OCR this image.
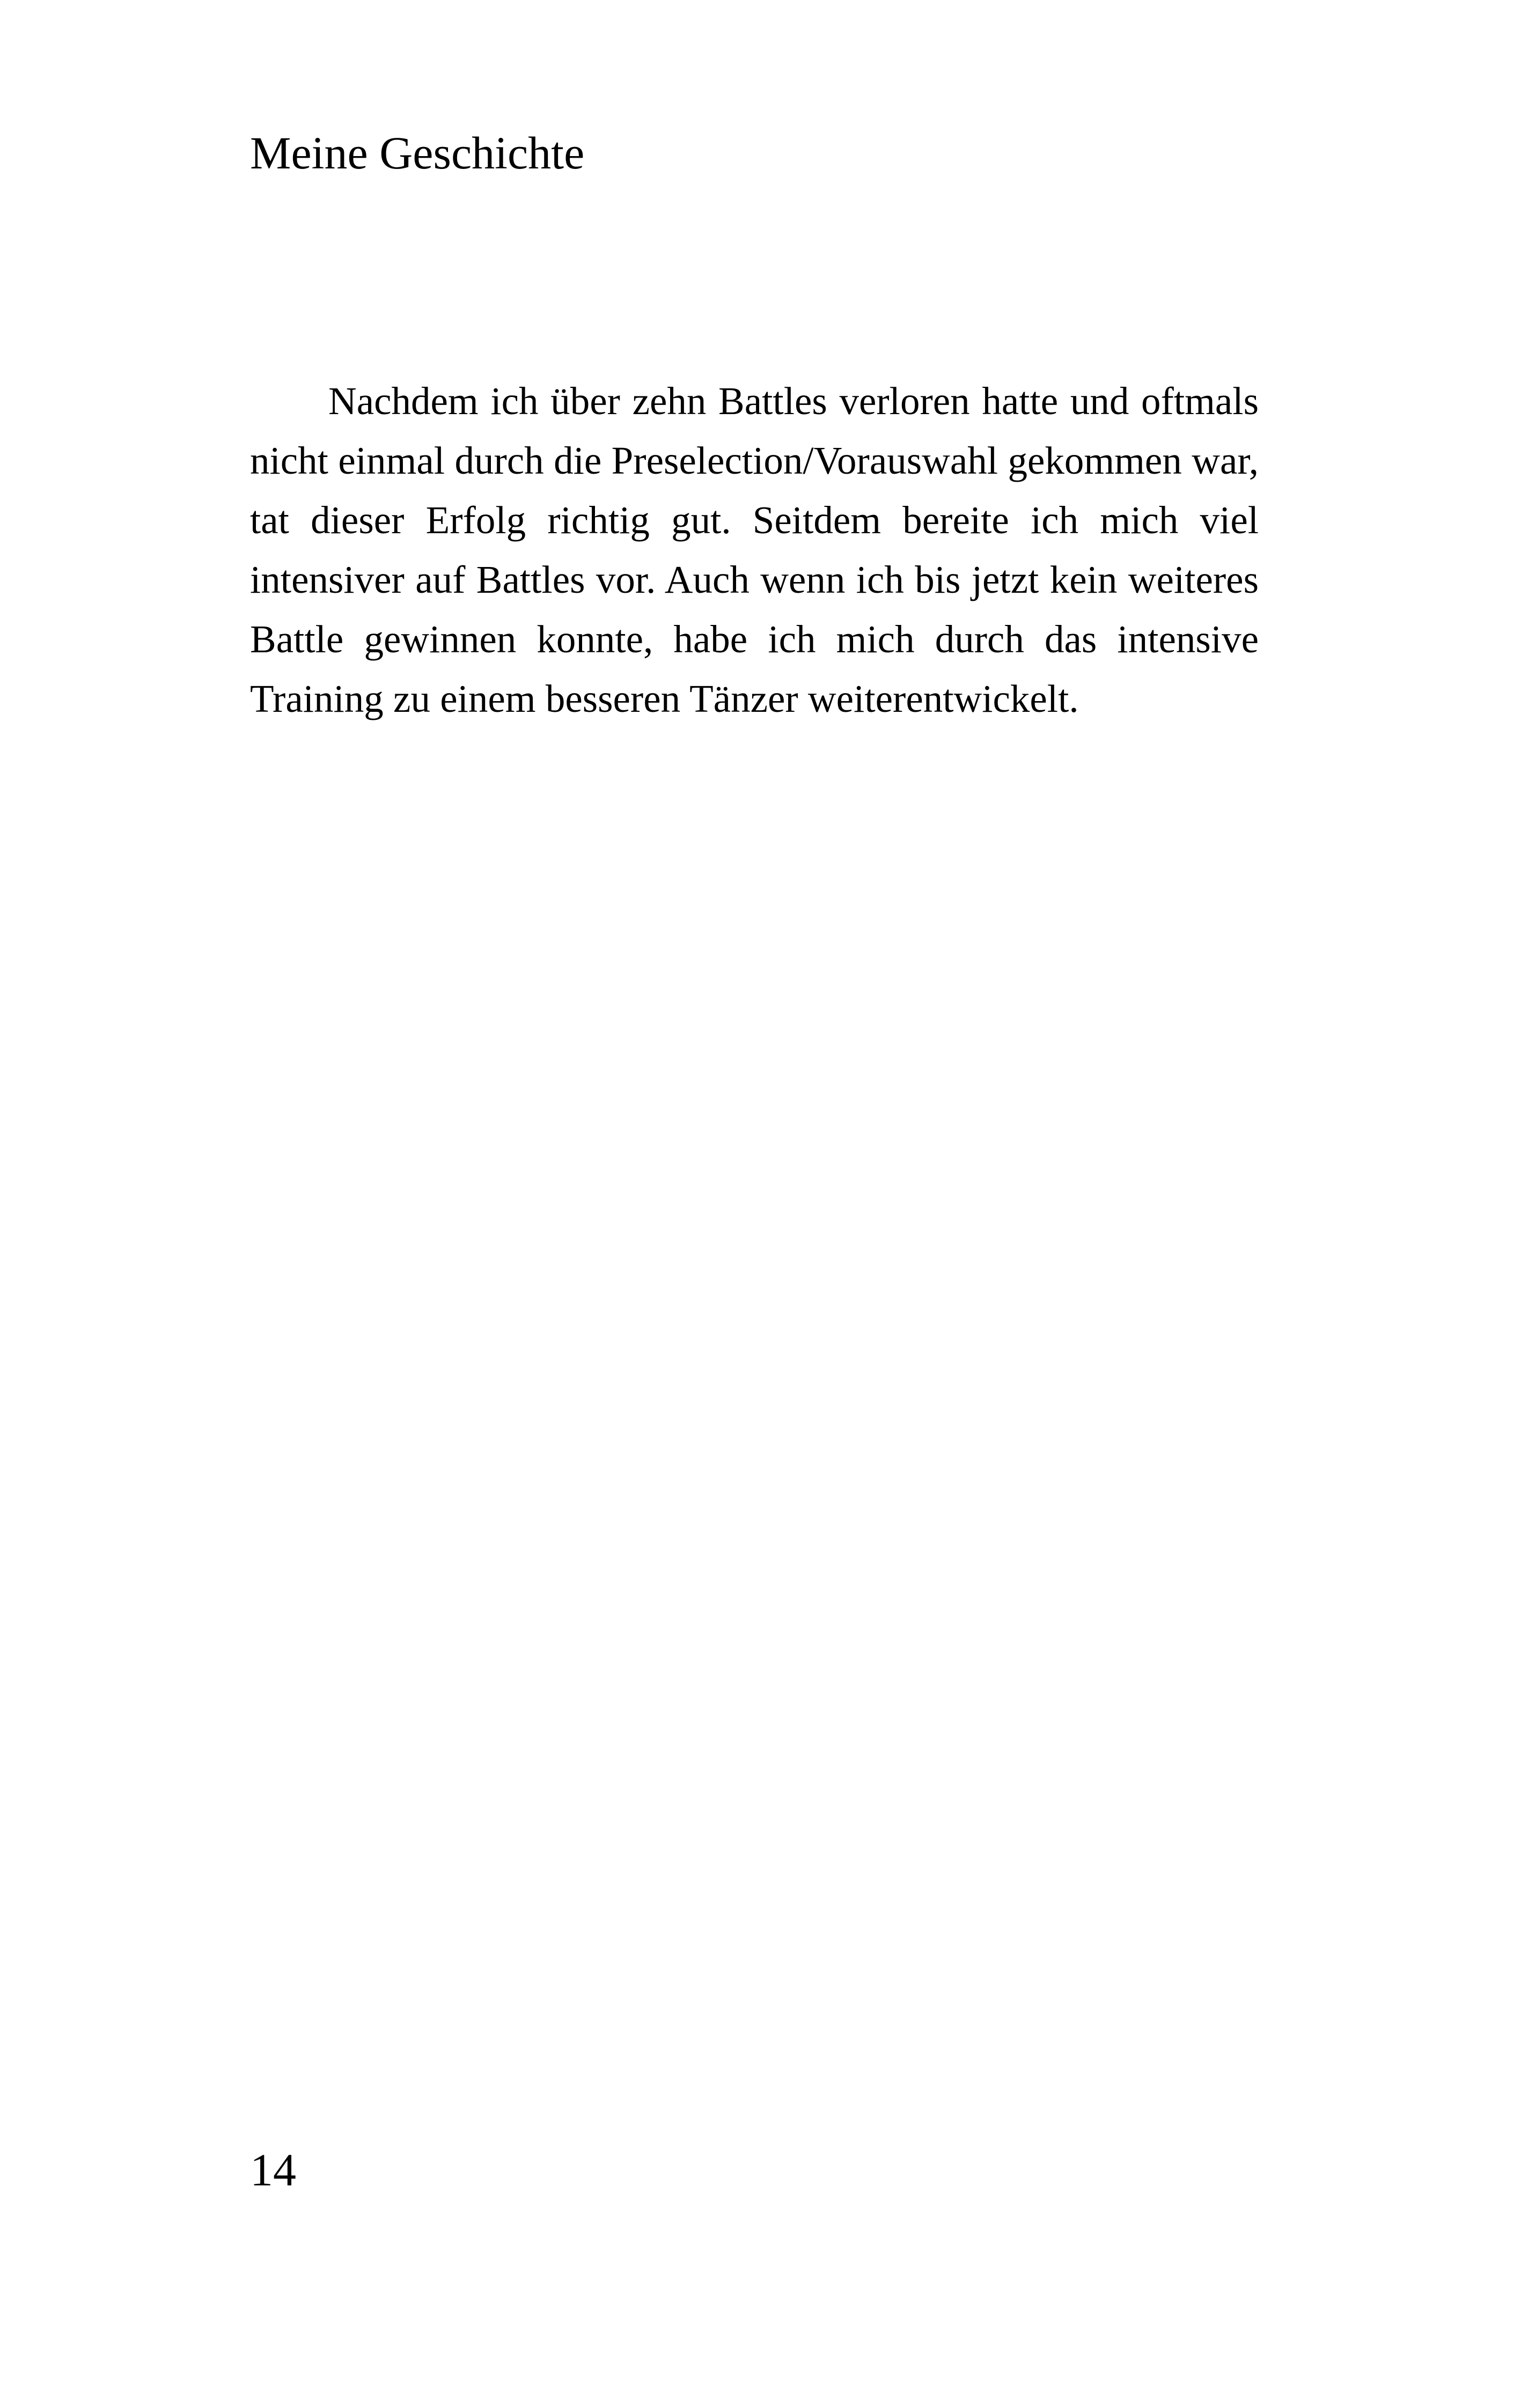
Meine Geschichte

Nachdem ich über zehn Battles verloren hatte und oftmals nicht einmal durch die Preselection/Vorauswahl gekommen war, tat dieser Erfolg richtig gut. Seitdem bereite ich mich viel intensiver auf Battles vor. Auch wenn ich bis jetzt kein weiteres Battle gewinnen konnte, habe ich mich durch das intensive Training zu einem besseren Tänzer weiterentwickelt.

14
